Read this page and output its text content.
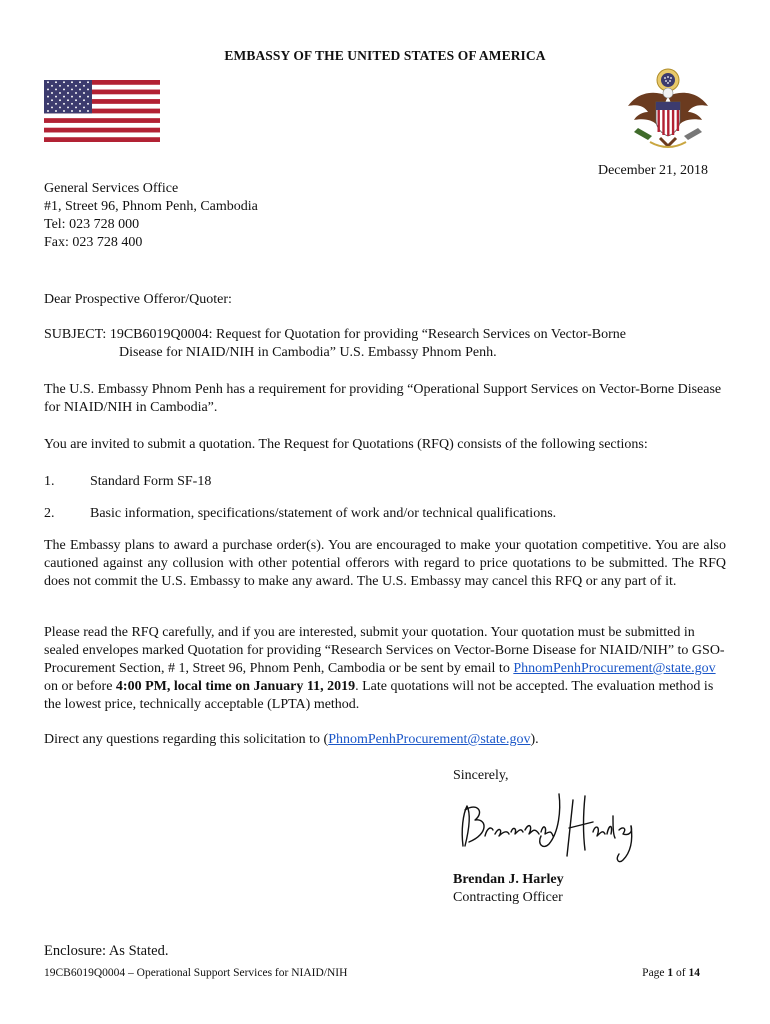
EMBASSY OF THE UNITED STATES OF AMERICA
December 21, 2018
General Services Office
#1, Street 96, Phnom Penh, Cambodia
Tel: 023 728 000
Fax: 023 728 400
Dear Prospective Offeror/Quoter:
SUBJECT: 19CB6019Q0004: Request for Quotation for providing “Research Services on Vector-Borne
Disease for NIAID/NIH in Cambodia” U.S. Embassy Phnom Penh.
The U.S. Embassy Phnom Penh has a requirement for providing “Operational Support Services on Vector-Borne Disease for NIAID/NIH in Cambodia”.
You are invited to submit a quotation. The Request for Quotations (RFQ) consists of the following sections:
1.	Standard Form SF-18
2.	Basic information, specifications/statement of work and/or technical qualifications.
The Embassy plans to award a purchase order(s). You are encouraged to make your quotation competitive. You are also cautioned against any collusion with other potential offerors with regard to price quotations to be submitted. The RFQ does not commit the U.S. Embassy to make any award. The U.S. Embassy may cancel this RFQ or any part of it.
Please read the RFQ carefully, and if you are interested, submit your quotation. Your quotation must be submitted in sealed envelopes marked Quotation for providing “Research Services on Vector-Borne Disease for NIAID/NIH” to GSO-Procurement Section, # 1, Street 96, Phnom Penh, Cambodia or be sent by email to PhnomPenhProcurement@state.gov on or before 4:00 PM, local time on January 11, 2019. Late quotations will not be accepted. The evaluation method is the lowest price, technically acceptable (LPTA) method.
Direct any questions regarding this solicitation to (PhnomPenhProcurement@state.gov).
Sincerely,
Brendan J. Harley
Contracting Officer
Enclosure: As Stated.
19CB6019Q0004 – Operational Support Services for NIAID/NIH	Page 1 of 14
